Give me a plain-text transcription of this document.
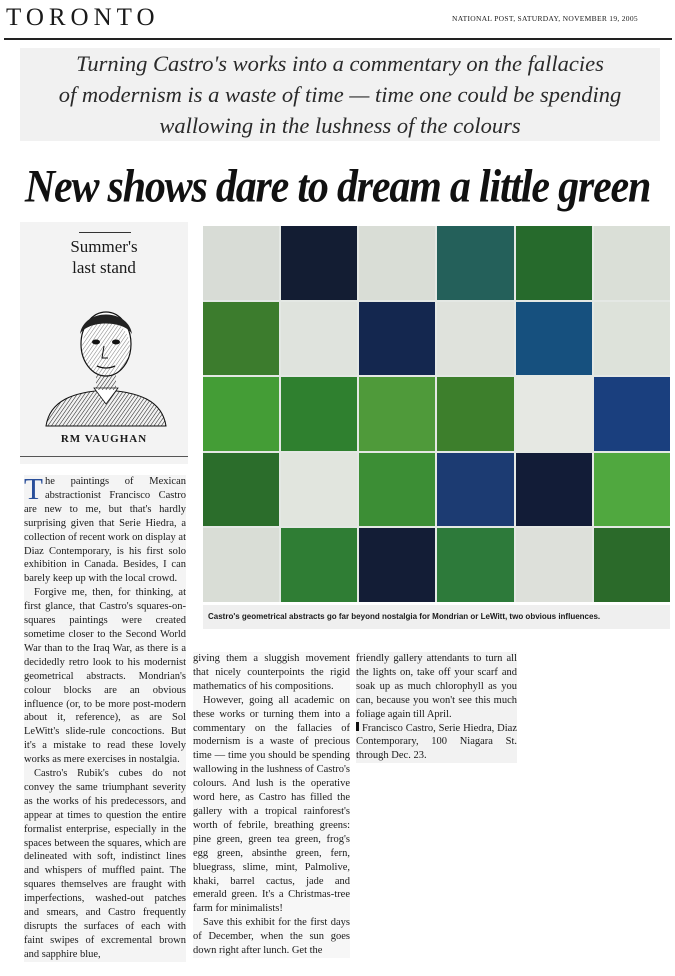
TORONTO	NATIONAL POST, SATURDAY, NOVEMBER 19, 2005
Turning Castro's works into a commentary on the fallacies
of modernism is a waste of time — time one could be spending
wallowing in the lushness of the colours
New shows dare to dream a little green
Summer's
last stand
RM VAUGHAN
Castro's geometrical abstracts go far beyond nostalgia for Mondrian or LeWitt, two obvious influences.

The paintings of Mexican abstractionist Francisco Castro are new to me, but that's hardly surprising given that Serie Hiedra, a collection of recent work on display at Diaz Contemporary, is his first solo exhibition in Canada. Besides, I can barely keep up with the local crowd.

Forgive me, then, for thinking, at first glance, that Castro's squares-on-squares paintings were created sometime closer to the Second World War than to the Iraq War, as there is a decidedly retro look to his modernist geometrical abstracts. Mondrian's colour blocks are an obvious influence (or, to be more post-modern about it, reference), as are Sol LeWitt's slide-rule concoctions. But it's a mistake to read these lovely works as mere exercises in nostalgia.

Castro's Rubik's cubes do not convey the same triumphant severity as the works of his predecessors, and appear at times to question the entire formalist enterprise, especially in the spaces between the squares, which are delineated with soft, indistinct lines and whispers of muffled paint. The squares themselves are fraught with imperfections, washed-out patches and smears, and Castro frequently disrupts the surfaces of each with faint swipes of excremental brown and sapphire blue,

giving them a sluggish movement that nicely counterpoints the rigid mathematics of his compositions.

However, going all academic on these works or turning them into a commentary on the fallacies of modernism is a waste of precious time — time you should be spending wallowing in the lushness of Castro's colours. And lush is the operative word here, as Castro has filled the gallery with a tropical rainforest's worth of febrile, breathing greens: pine green, green tea green, frog's egg green, absinthe green, fern, bluegrass, slime, mint, Palmolive, khaki, barrel cactus, jade and emerald green. It's a Christmas-tree farm for minimalists!

Save this exhibit for the first days of December, when the sun goes down right after lunch. Get the

friendly gallery attendants to turn all the lights on, take off your scarf and soak up as much chlorophyll as you can, because you won't see this much foliage again till April.

Francisco Castro, Serie Hiedra, Diaz Contemporary, 100 Niagara St. through Dec. 23.
